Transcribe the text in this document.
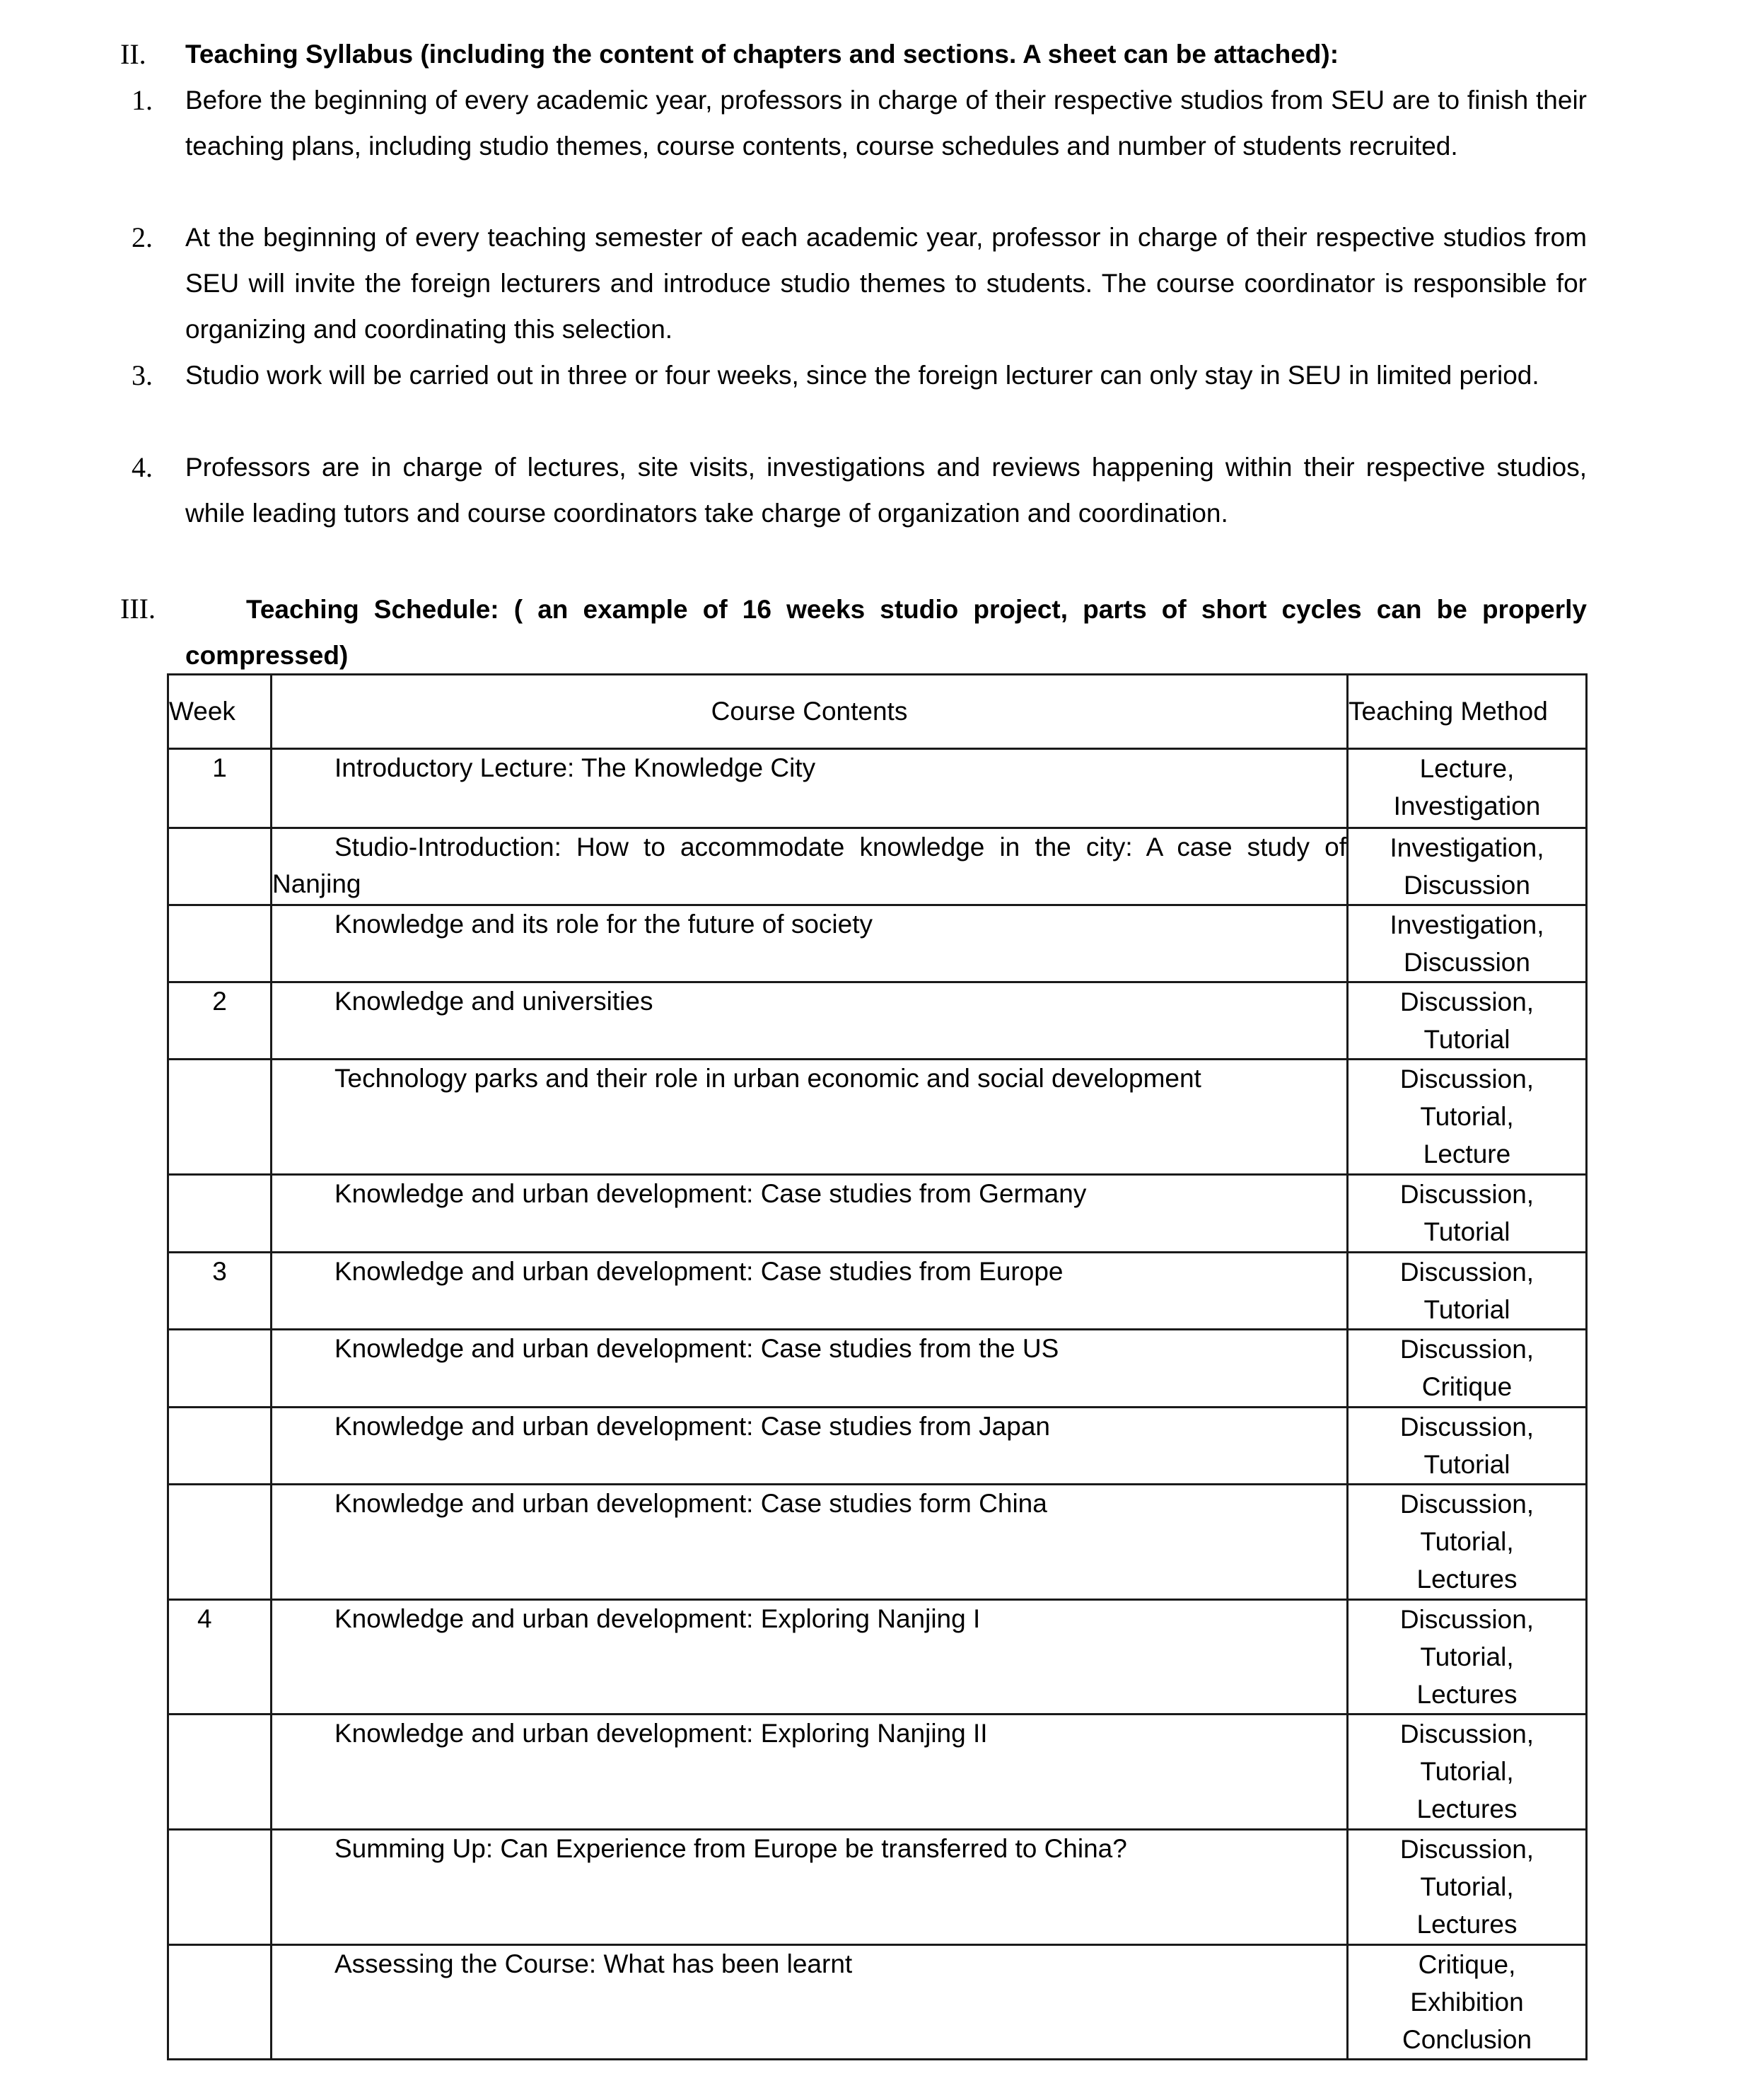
II. Teaching Syllabus (including the content of chapters and sections. A sheet can be attached):
1. Before the beginning of every academic year, professors in charge of their respective studios from SEU are to finish their teaching plans, including studio themes, course contents, course schedules and number of students recruited.
2. At the beginning of every teaching semester of each academic year, professor in charge of their respective studios from SEU will invite the foreign lecturers and introduce studio themes to students. The course coordinator is responsible for organizing and coordinating this selection.
3. Studio work will be carried out in three or four weeks, since the foreign lecturer can only stay in SEU in limited period.
4. Professors are in charge of lectures, site visits, investigations and reviews happening within their respective studios, while leading tutors and course coordinators take charge of organization and coordination.
III.	Teaching Schedule: ( an example of 16 weeks studio project, parts of short cycles can be properly compressed)
Week	Course Contents	Teaching Method
1	Introductory Lecture: The Knowledge City	Lecture,
Investigation

	Studio-Introduction: How to accommodate knowledge in the city: A case study of Nanjing	Investigation,
Discussion

	Knowledge and its role for the future of society	Investigation,
Discussion

2	Knowledge and universities	Discussion,
Tutorial

	Technology parks and their role in urban economic and social development	Discussion,
Tutorial,
Lecture

	Knowledge and urban development: Case studies from Germany	Discussion,
Tutorial

3	Knowledge and urban development: Case studies from Europe	Discussion,
Tutorial

	Knowledge and urban development: Case studies from the US	Discussion,
Critique

	Knowledge and urban development: Case studies from Japan	Discussion,
Tutorial

	Knowledge and urban development: Case studies form China	Discussion,
Tutorial,
Lectures

4	Knowledge and urban development: Exploring Nanjing I	Discussion,
Tutorial,
Lectures

	Knowledge and urban development: Exploring Nanjing II	Discussion,
Tutorial,
Lectures

	Summing Up: Can Experience from Europe be transferred to China?	Discussion,
Tutorial,
Lectures

	Assessing the Course: What has been learnt	Critique,
Exhibition
Conclusion
